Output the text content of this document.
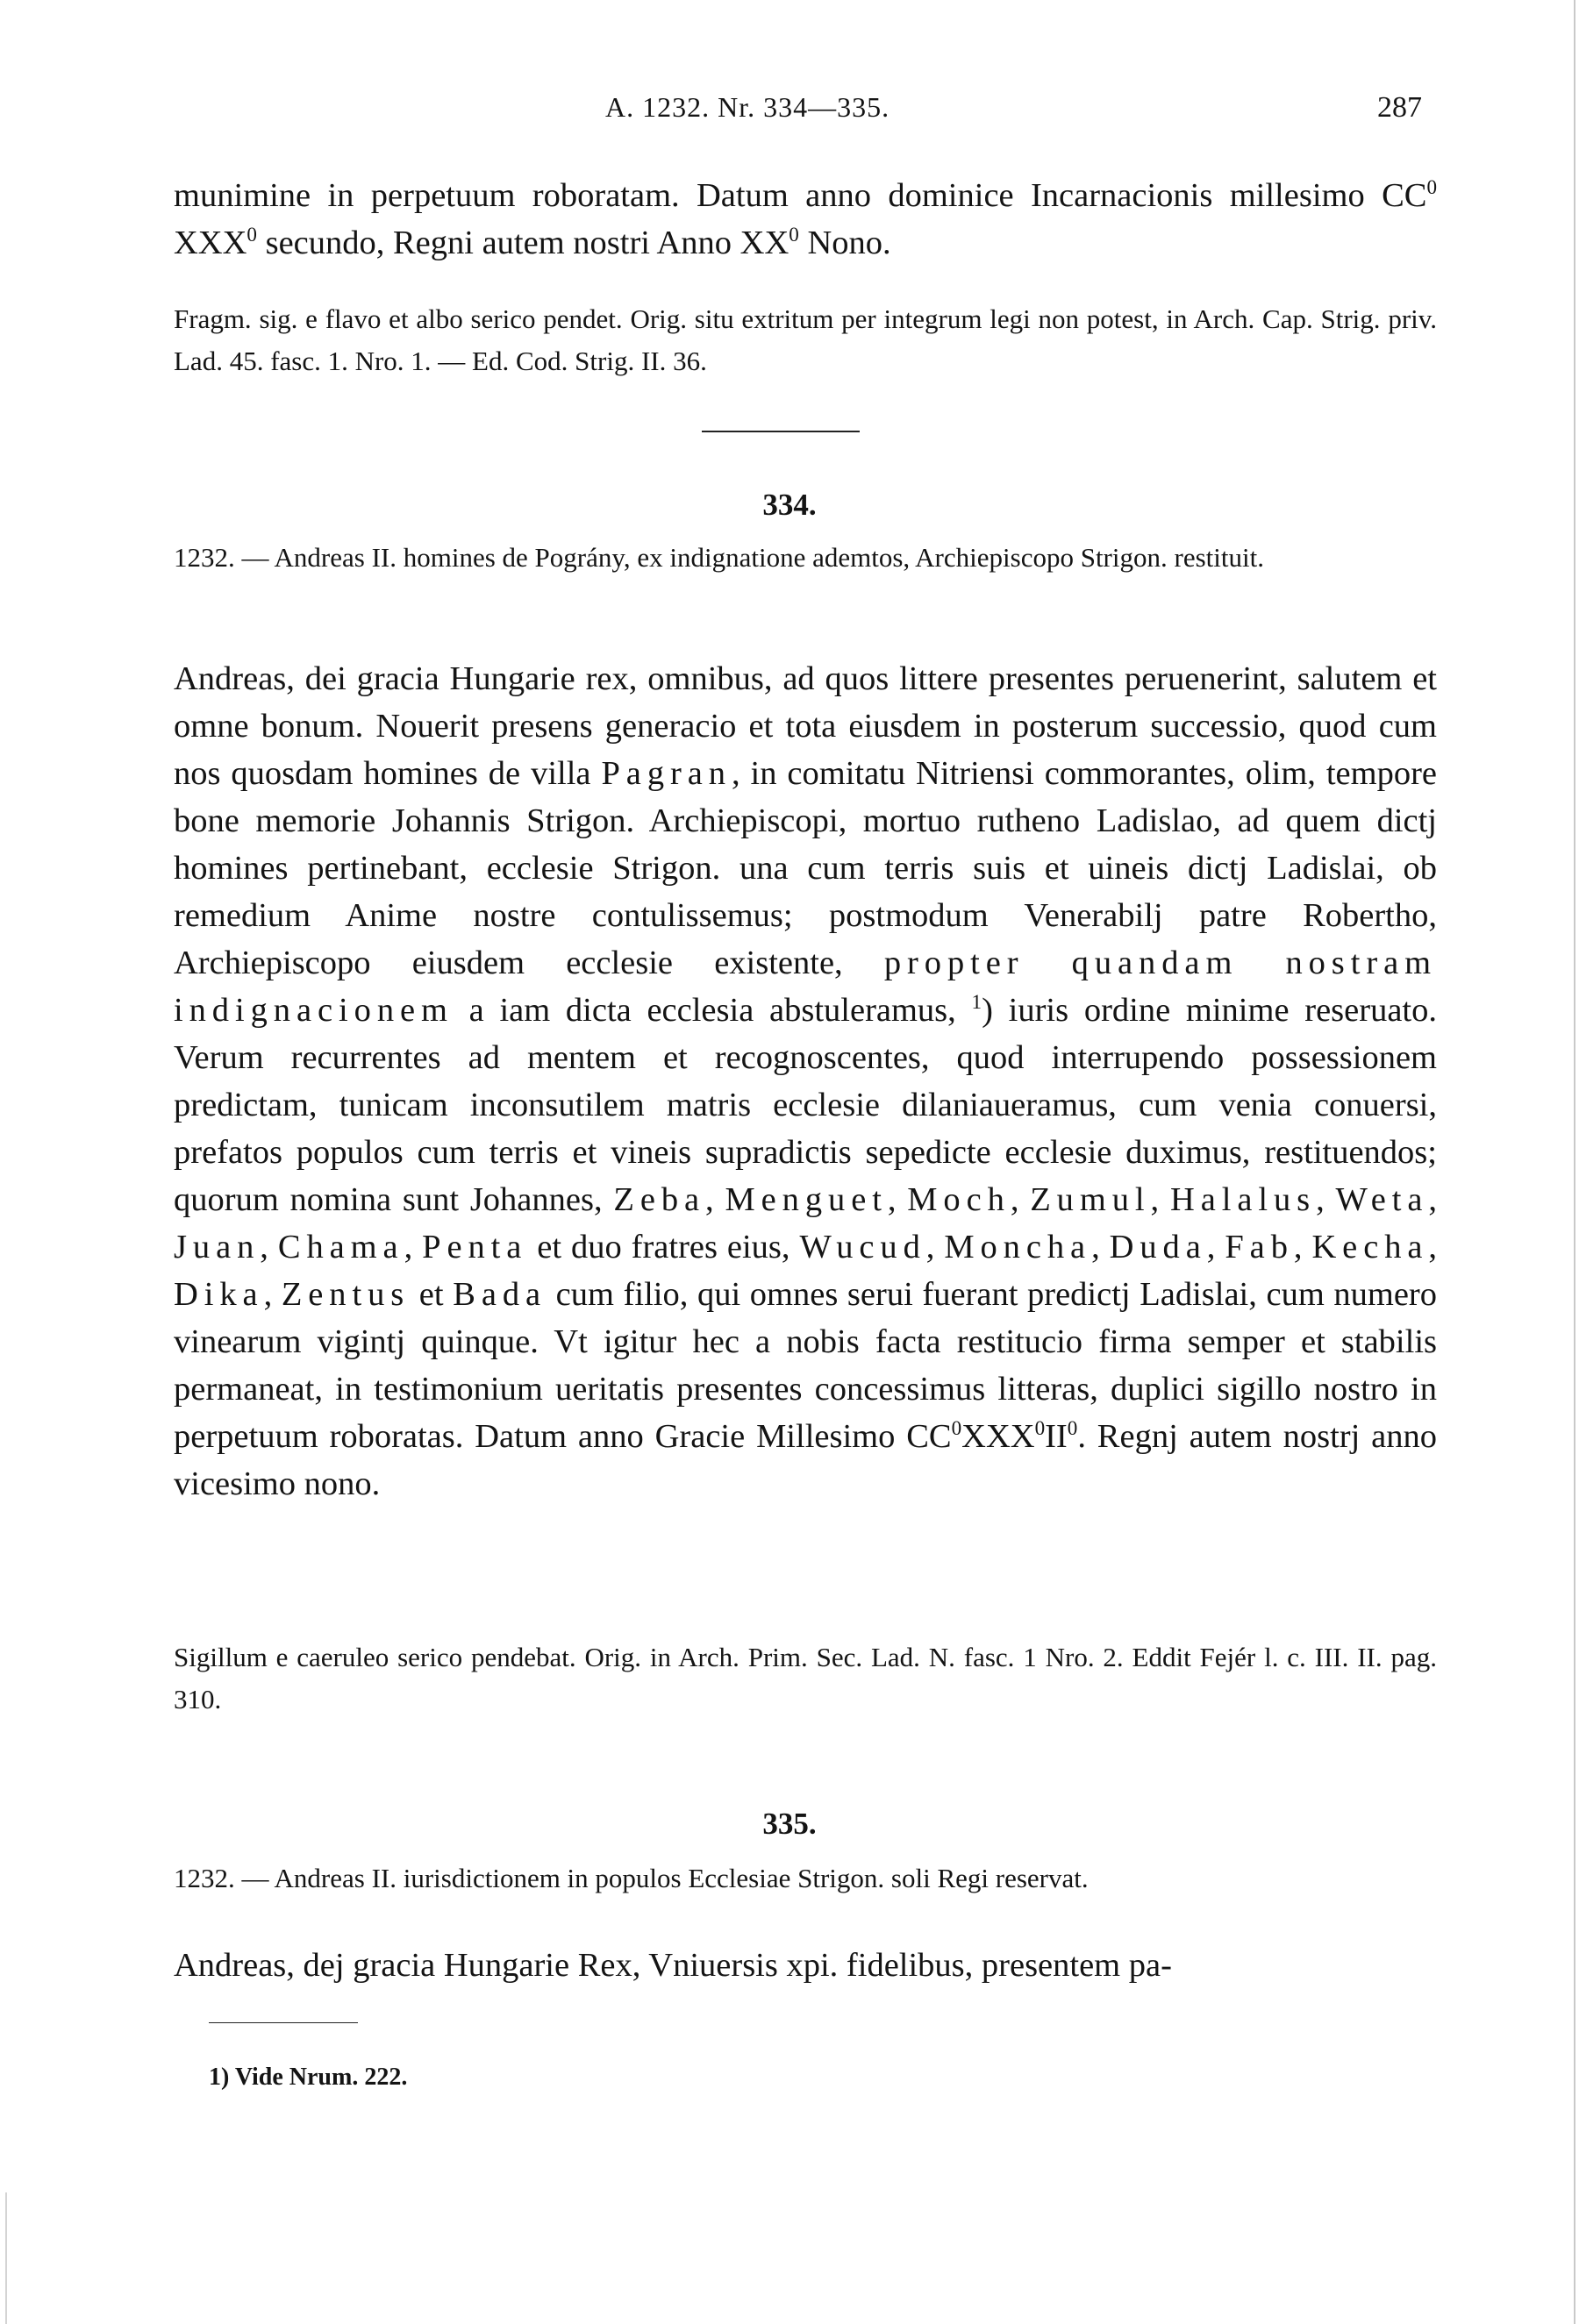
A. 1232. Nr. 334—335.	287

munimine in perpetuum roboratam. Datum anno dominice Incarnacionis millesimo $CC^0$ XXX$^0$ secundo, Regni autem nostri Anno $XX^0$ Nono.

Fragm. sig. e flavo et albo serico pendet. Orig. situ extritum per integrum legi non potest, in Arch. Cap. Strig. priv. Lad. 45. fasc. 1. Nro. 1. — Ed. Cod. Strig. II. 36.

334.

1232. — Andreas II. homines de Pográny, ex indignatione ademtos, Archiepiscopo Strigon. restituit.

Andreas, dei gracia Hungarie rex, omnibus, ad quos littere presentes peruenerint, salutem et omne bonum. Nouerit presens generacio et tota eiusdem in posterum successio, quod cum nos quosdam homines de villa Pagran, in comitatu Nitriensi commorantes, olim, tempore bone memorie Johannis Strigon. Archiepiscopi, mortuo rutheno Ladislao, ad quem dictj homines pertinebant, ecclesie Strigon. una cum terris suis et uineis dictj Ladislai, ob remedium Anime nostre contulissemus; postmodum Venerabilj patre Robertho, Archiepiscopo eiusdem ecclesie existente, propter quandam nostram indignacionem a iam dicta ecclesia abstuleramus, $^1$) iuris ordine minime reseruato. Verum recurrentes ad mentem et recognoscentes, quod interrupendo possessionem predictam, tunicam inconsutilem matris ecclesie dilaniaueramus, cum venia conuersi, prefatos populos cum terris et vineis supradictis sepedicte ecclesie duximus, restituendos; quorum nomina sunt Johannes, Zeba, Menguet, Moch, Zumul, Halalus, Weta, Juan, Chama, Penta et duo fratres eius, Wucud, Moncha, Duda, Fab, Kecha, Dika, Zentus et Bada cum filio, qui omnes serui fuerant predictj Ladislai, cum numero vinearum vigintj quinque. Vt igitur hec a nobis facta restitucio firma semper et stabilis permaneat, in testimonium ueritatis presentes concessimus litteras, duplici sigillo nostro in perpetuum roboratas. Datum anno Gracie Millesimo $CC^0XXX^0II^0$. Regnj autem nostrj anno vicesimo nono.

Sigillum e caeruleo serico pendebat. Orig. in Arch. Prim. Sec. Lad. N. fasc. 1 Nro. 2. Eddit Fejér l. c. III. II. pag. 310.

335.

1232. — Andreas II. iurisdictionem in populos Ecclesiae Strigon. soli Regi reservat.

Andreas, dej gracia Hungarie Rex, Vniuersis xpi. fidelibus, presentem pa-

1) Vide Nrum. 222.
